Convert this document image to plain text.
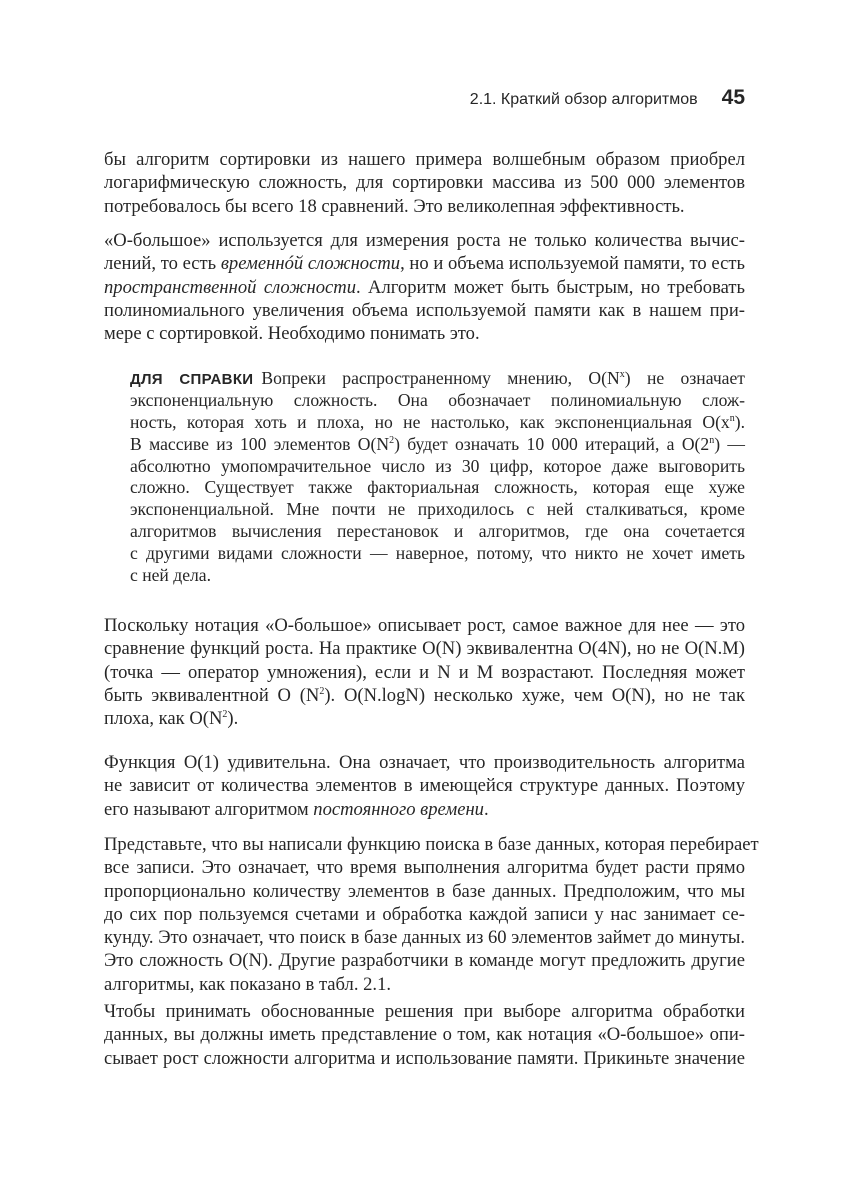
2.1. Краткий обзор алгоритмов 45
бы алгоритм сортировки из нашего примера волшебным образом приобрел
логарифмическую сложность, для сортировки массива из 500 000 элементов
потребовалось бы всего 18 сравнений. Это великолепная эффективность.
«О-большое» используется для измерения роста не только количества вычис-
лений, то есть временнóй сложности, но и объема используемой памяти, то есть
пространственной сложности. Алгоритм может быть быстрым, но требовать
полиномиального увеличения объема используемой памяти как в нашем при-
мере с сортировкой. Необходимо понимать это.
ДЛЯ СПРАВКИ Вопреки распространенному мнению, $O(N^x)$ не означает
экспоненциальную сложность. Она обозначает полиномиальную слож-
ность, которая хоть и плоха, но не настолько, как экспоненциальная $O(x^n)$.
В массиве из 100 элементов $O(N^2)$ будет означать 10 000 итераций, а O(2$^n$) —
абсолютно умопомрачительное число из 30 цифр, которое даже выговорить
сложно. Существует также факториальная сложность, которая еще хуже
экспоненциальной. Мне почти не приходилось с ней сталкиваться, кроме
алгоритмов вычисления перестановок и алгоритмов, где она сочетается
с другими видами сложности — наверное, потому, что никто не хочет иметь
с ней дела.
Поскольку нотация «О-большое» описывает рост, самое важное для нее — это
сравнение функций роста. На практике O(N) эквивалентна O(4N), но не O(N.M)
(точка — оператор умножения), если и N и M возрастают. Последняя может
быть эквивалентной O $(N^2)$. O(N.logN) несколько хуже, чем O(N), но не так
плоха, как $O(N^2)$.
Функция O(1) удивительна. Она означает, что производительность алгоритма
не зависит от количества элементов в имеющейся структуре данных. Поэтому
его называют алгоритмом постоянного времени.
Представьте, что вы написали функцию поиска в базе данных, которая перебирает
все записи. Это означает, что время выполнения алгоритма будет расти прямо
пропорционально количеству элементов в базе данных. Предположим, что мы
до сих пор пользуемся счетами и обработка каждой записи у нас занимает се-
кунду. Это означает, что поиск в базе данных из 60 элементов займет до минуты.
Это сложность O(N). Другие разработчики в команде могут предложить другие
алгоритмы, как показано в табл. 2.1.
Чтобы принимать обоснованные решения при выборе алгоритма обработки
данных, вы должны иметь представление о том, как нотация «О-большое» опи-
сывает рост сложности алгоритма и использование памяти. Прикиньте значение
